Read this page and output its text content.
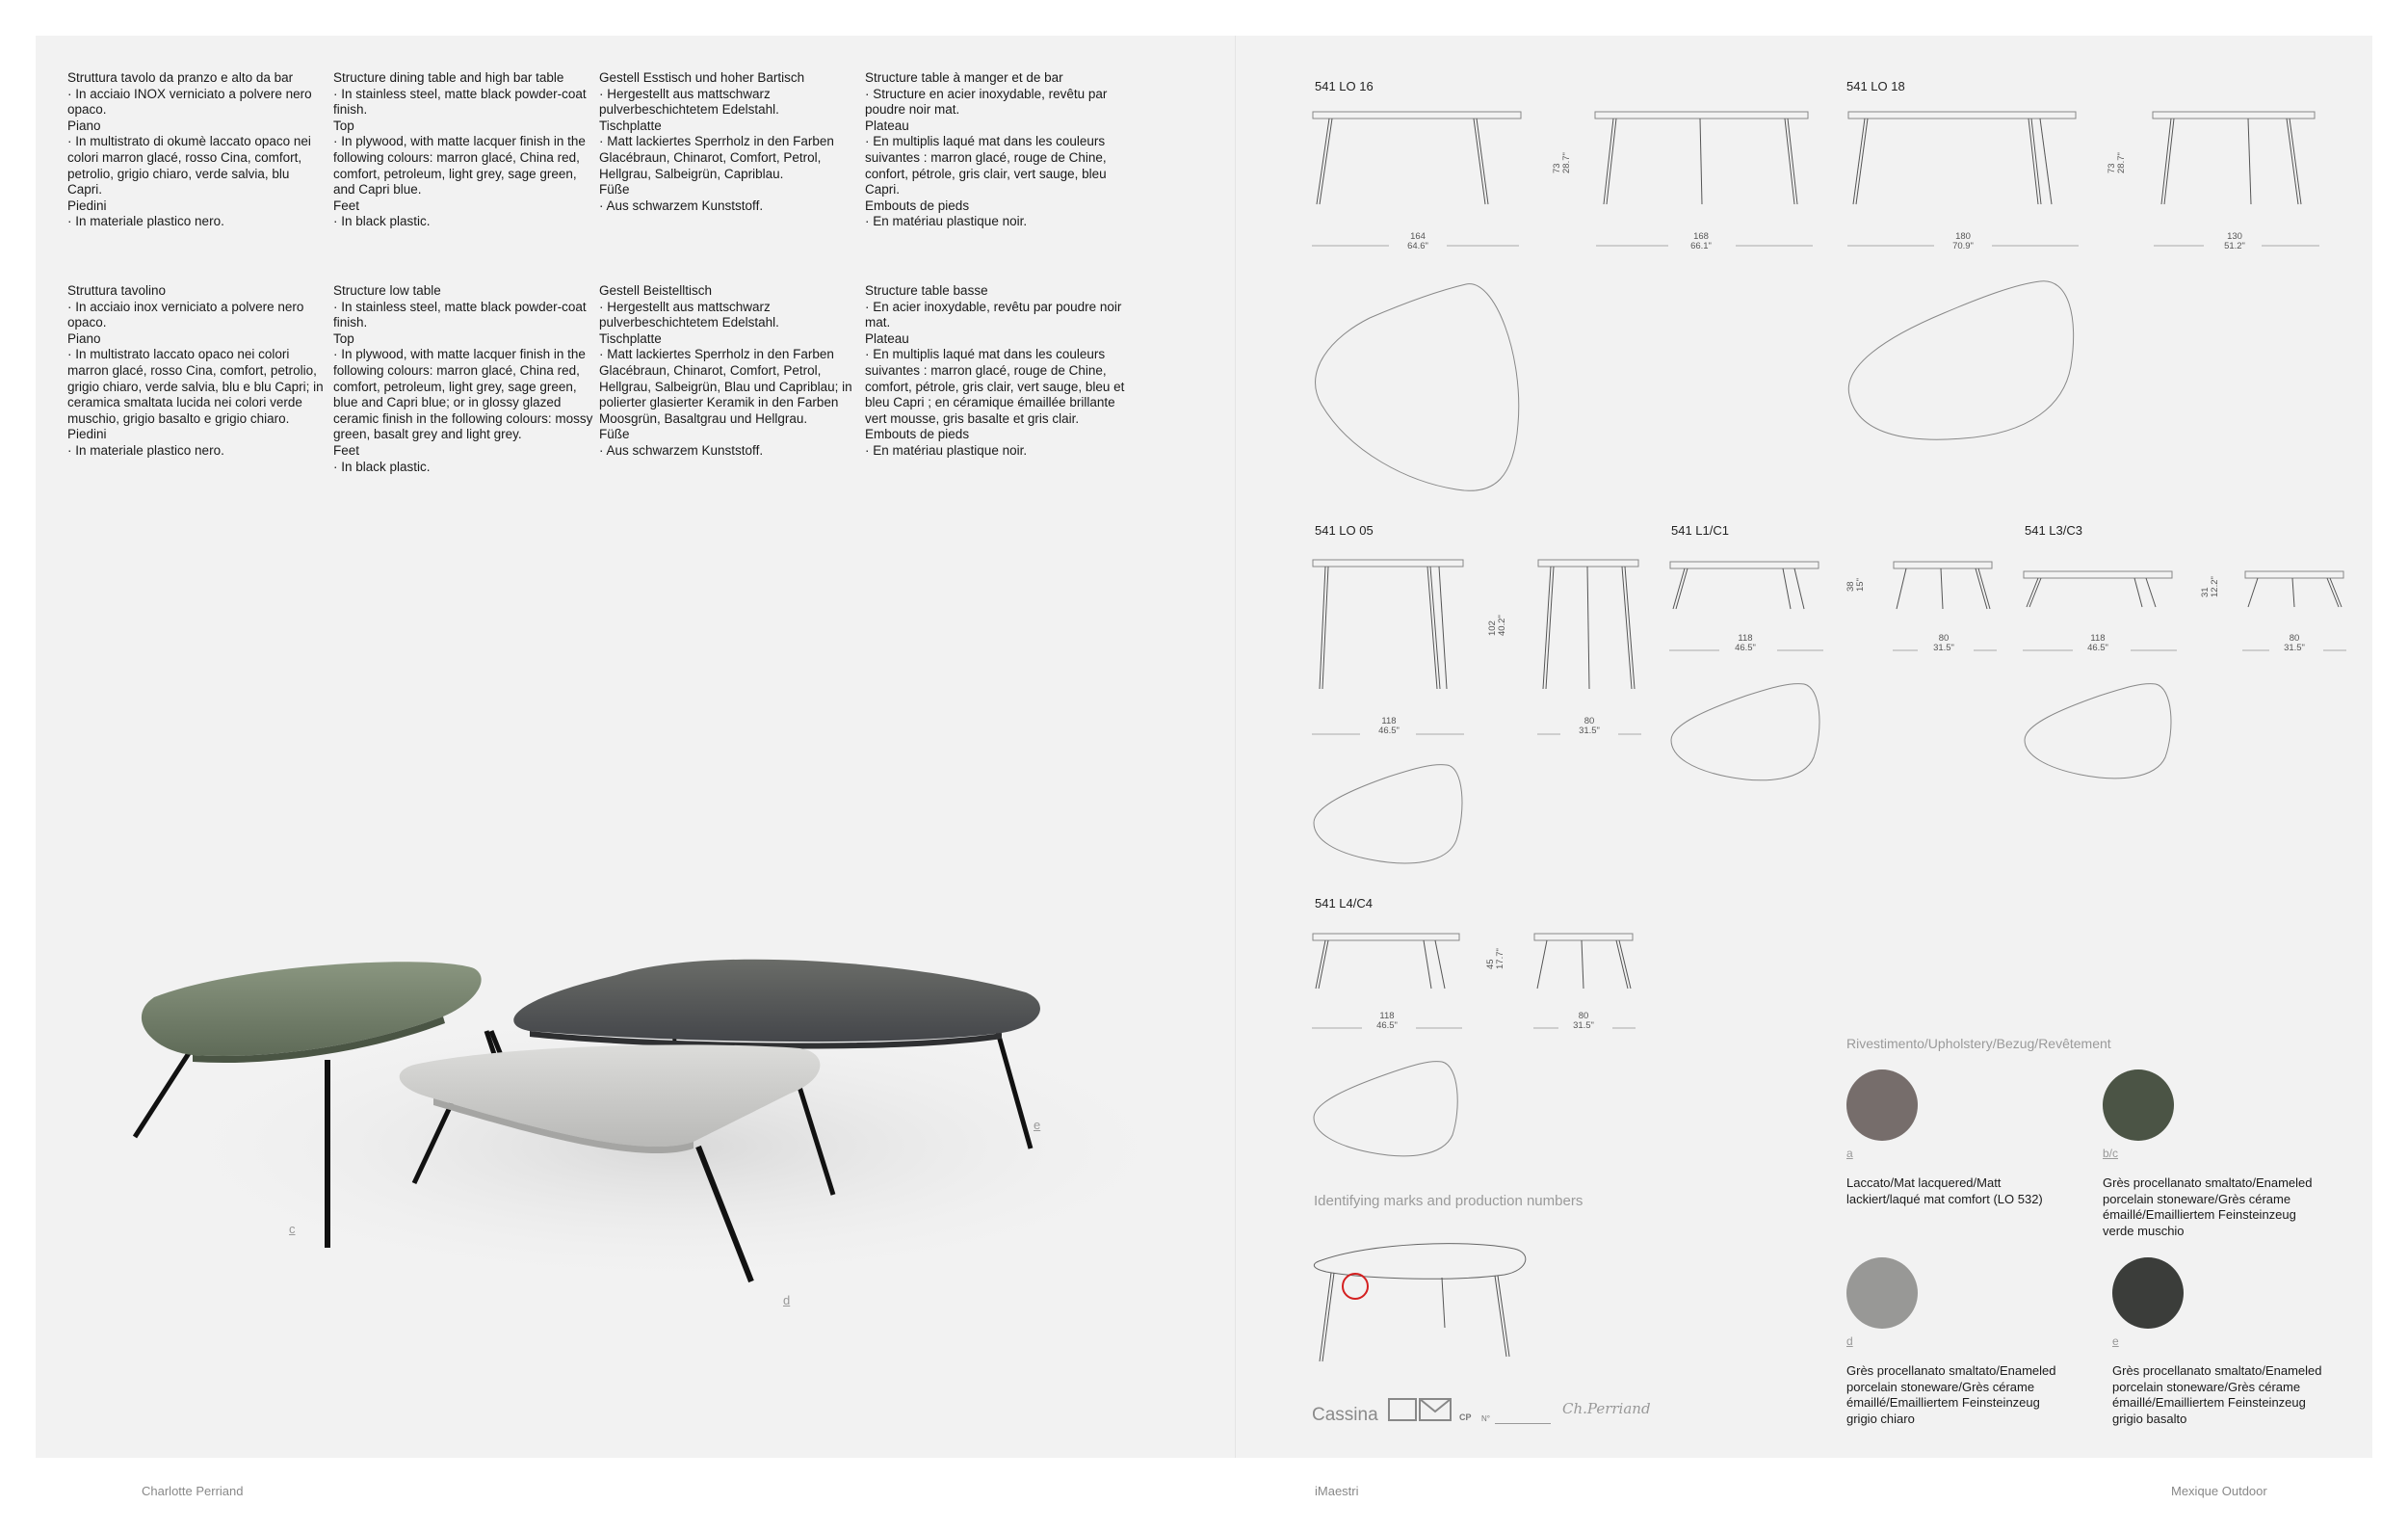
Struttura tavolo da pranzo e alto da bar
· In acciaio INOX verniciato a polvere nero opaco.
Piano
· In multistrato di okumè laccato opaco nei colori marron glacé, rosso Cina, comfort, petrolio, grigio chiaro, verde salvia, blu Capri.
Piedini
· In materiale plastico nero.
Structure dining table and high bar table
· In stainless steel, matte black powder-coat finish.
Top
· In plywood, with matte lacquer finish in the following colours: marron glacé, China red, comfort, petroleum, light grey, sage green, and Capri blue.
Feet
· In black plastic.
Gestell Esstisch und hoher Bartisch
· Hergestellt aus mattschwarz pulverbeschichtetem Edelstahl.
Tischplatte
· Matt lackiertes Sperrholz in den Farben Glacébraun, Chinarot, Comfort, Petrol, Hellgrau, Salbeigrün, Capriblau.
Füße
· Aus schwarzem Kunststoff.
Structure table à manger et de bar
· Structure en acier inoxydable, revêtu par poudre noir mat.
Plateau
· En multiplis laqué mat dans les couleurs suivantes : marron glacé, rouge de Chine, confort, pétrole, gris clair, vert sauge, bleu Capri.
Embouts de pieds
· En matériau plastique noir.
Struttura tavolino
· In acciaio inox verniciato a polvere nero opaco.
Piano
· In multistrato laccato opaco nei colori marron glacé, rosso Cina, comfort, petrolio, grigio chiaro, verde salvia, blu e blu Capri; in ceramica smaltata lucida nei colori verde muschio, grigio basalto e grigio chiaro.
Piedini
· In materiale plastico nero.
Structure low table
· In stainless steel, matte black powder-coat finish.
Top
· In plywood, with matte lacquer finish in the following colours: marron glacé, China red, comfort, petroleum, light grey, sage green, blue and Capri blue; or in glossy glazed ceramic finish in the following colours: mossy green, basalt grey and light grey.
Feet
· In black plastic.
Gestell Beistelltisch
· Hergestellt aus mattschwarz pulverbeschichtetem Edelstahl.
Tischplatte
· Matt lackiertes Sperrholz in den Farben Glacébraun, Chinarot, Comfort, Petrol, Hellgrau, Salbeigrün, Blau und Capriblau; in polierter glasierter Keramik in den Farben Moosgrün, Basaltgrau und Hellgrau.
Füße
· Aus schwarzem Kunststoff.
Structure table basse
· En acier inoxydable, revêtu par poudre noir mat.
Plateau
· En multiplis laqué mat dans les couleurs suivantes : marron glacé, rouge de Chine, comfort, pétrole, gris clair, vert sauge, bleu et bleu Capri ; en céramique émaillée brillante vert mousse, gris basalte et gris clair.
Embouts de pieds
· En matériau plastique noir.
c
d
e
541 LO 16
164
64.6"
168
66.1"
73
28.7"
541 LO 18
180
70.9"
130
51.2"
73
28.7"
541 LO 05
118
46.5"
80
31.5"
102
40.2"
541 L1/C1
118
46.5"
80
31.5"
38
15"
541 L3/C3
118
46.5"
80
31.5"
31
12.2"
541 L4/C4
118
46.5"
80
31.5"
45
17.7"
Identifying marks and production numbers
Cassina	CP N°
Ch.Perriand
Rivestimento/Upholstery/Bezug/Revêtement
a
Laccato/Mat lacquered/Matt lackiert/laqué mat comfort (LO 532)
b/c
Grès procellanato smaltato/Enameled porcelain stoneware/Grès cérame émaillé/Emailliertem Feinsteinzeug verde muschio
d
Grès procellanato smaltato/Enameled porcelain stoneware/Grès cérame émaillé/Emailliertem Feinsteinzeug grigio chiaro
e
Grès procellanato smaltato/Enameled porcelain stoneware/Grès cérame émaillé/Emailliertem Feinsteinzeug grigio basalto
Charlotte Perriand	iMaestri	Mexique Outdoor
